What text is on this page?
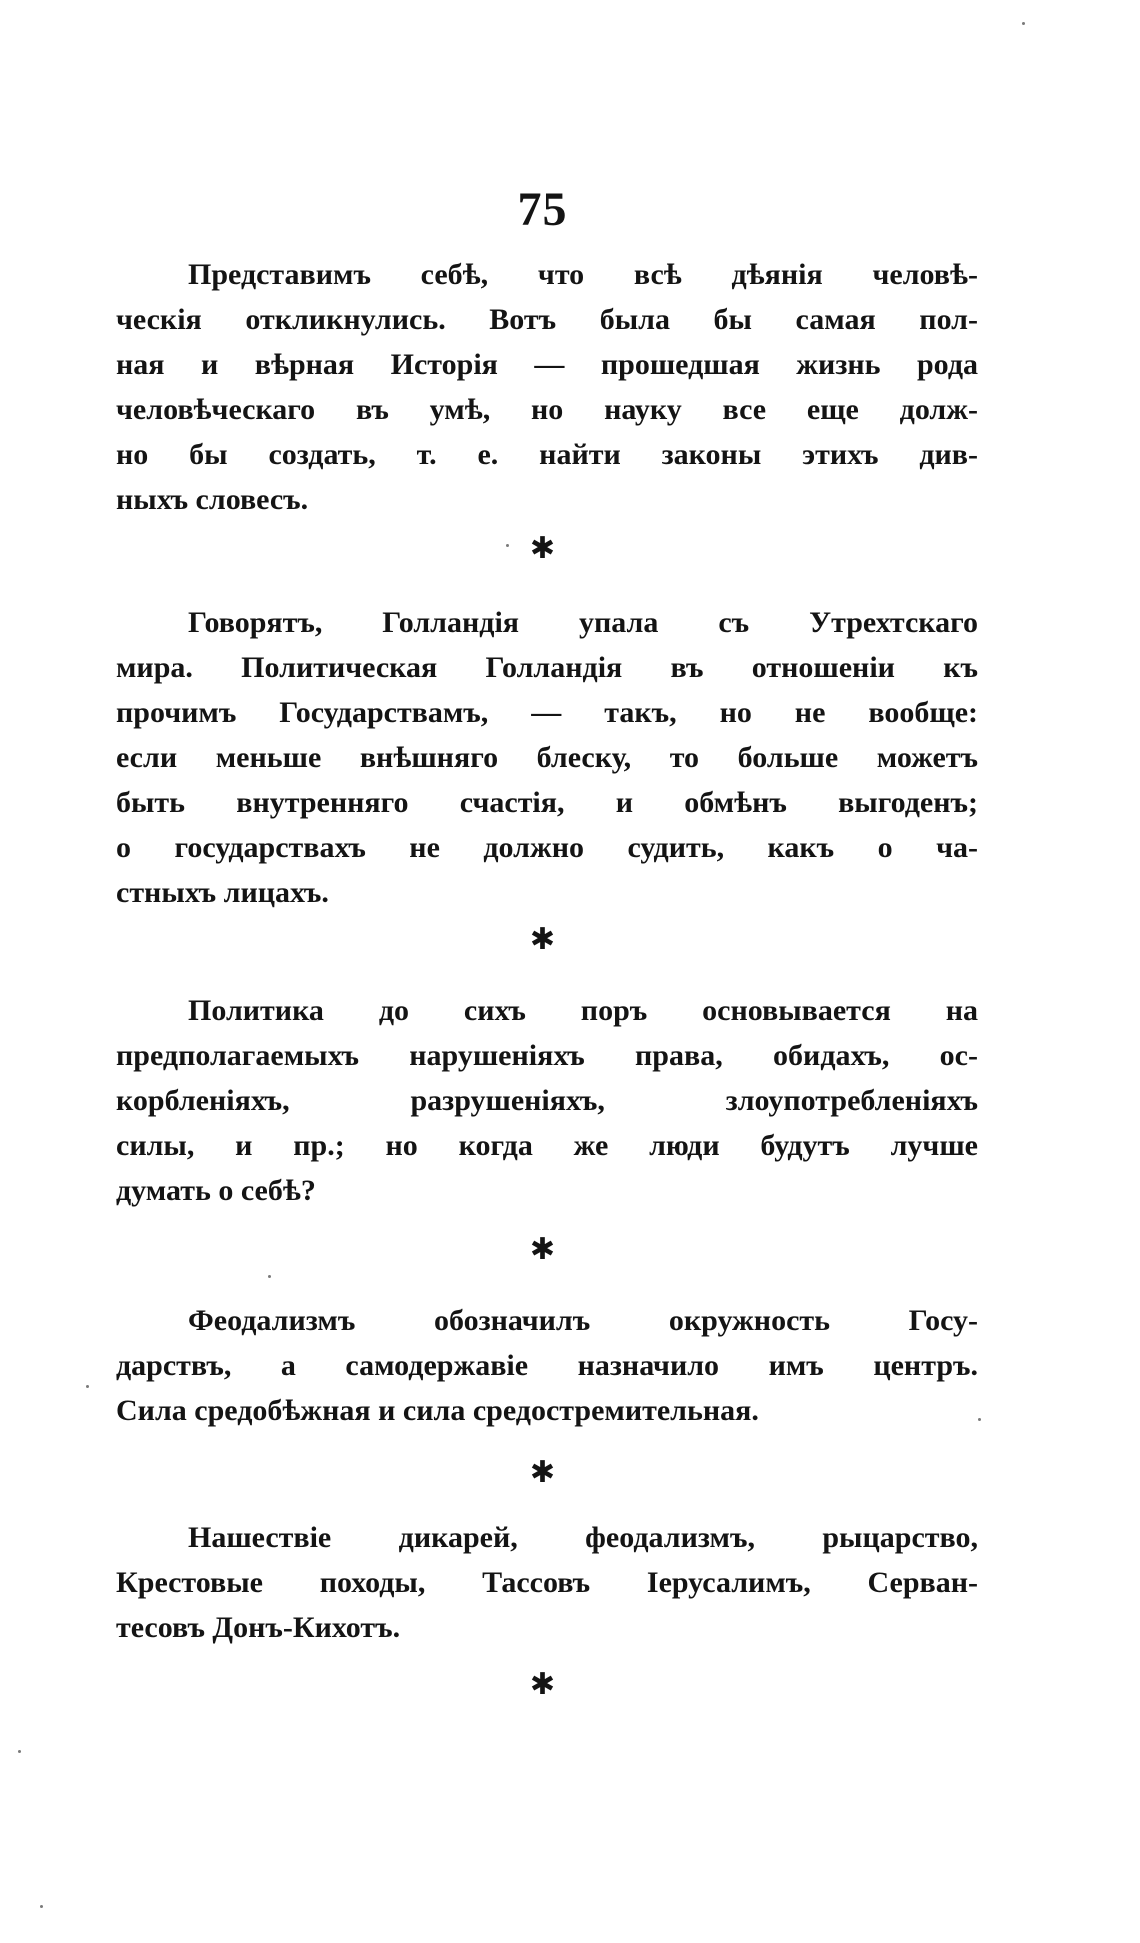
75
Представимъ себѣ, что всѣ дѣянія человѣ-
ческія откликнулись. Вотъ была бы самая пол-
ная и вѣрная Исторія — прошедшая жизнь рода
человѣческаго въ умѣ, но науку все еще долж-
но бы создать, т. е. найти законы этихъ див-
ныхъ словесъ.
✱
Говорятъ, Голландія упала съ Утрехтскаго
мира. Политическая Голландія въ отношеніи къ
прочимъ Государствамъ, — такъ, но не вообще:
если меньше внѣшняго блеску, то больше можетъ
быть внутренняго счастія, и обмѣнъ выгоденъ;
о государствахъ не должно судить, какъ о ча-
стныхъ лицахъ.
✱
Политика до сихъ поръ основывается на
предполагаемыхъ нарушеніяхъ права, обидахъ, ос-
корбленіяхъ, разрушеніяхъ, злоупотребленіяхъ
силы, и пр.; но когда же люди будутъ лучше
думать о себѣ?
✱
Феодализмъ обозначилъ окружность Госу-
дарствъ, а самодержавіе назначило имъ центръ.
Сила средобѣжная и сила средостремительная.
✱
Нашествіе дикарей, феодализмъ, рыцарство,
Крестовые походы, Тассовъ Іерусалимъ, Серван-
тесовъ Донъ-Кихотъ.
✱
